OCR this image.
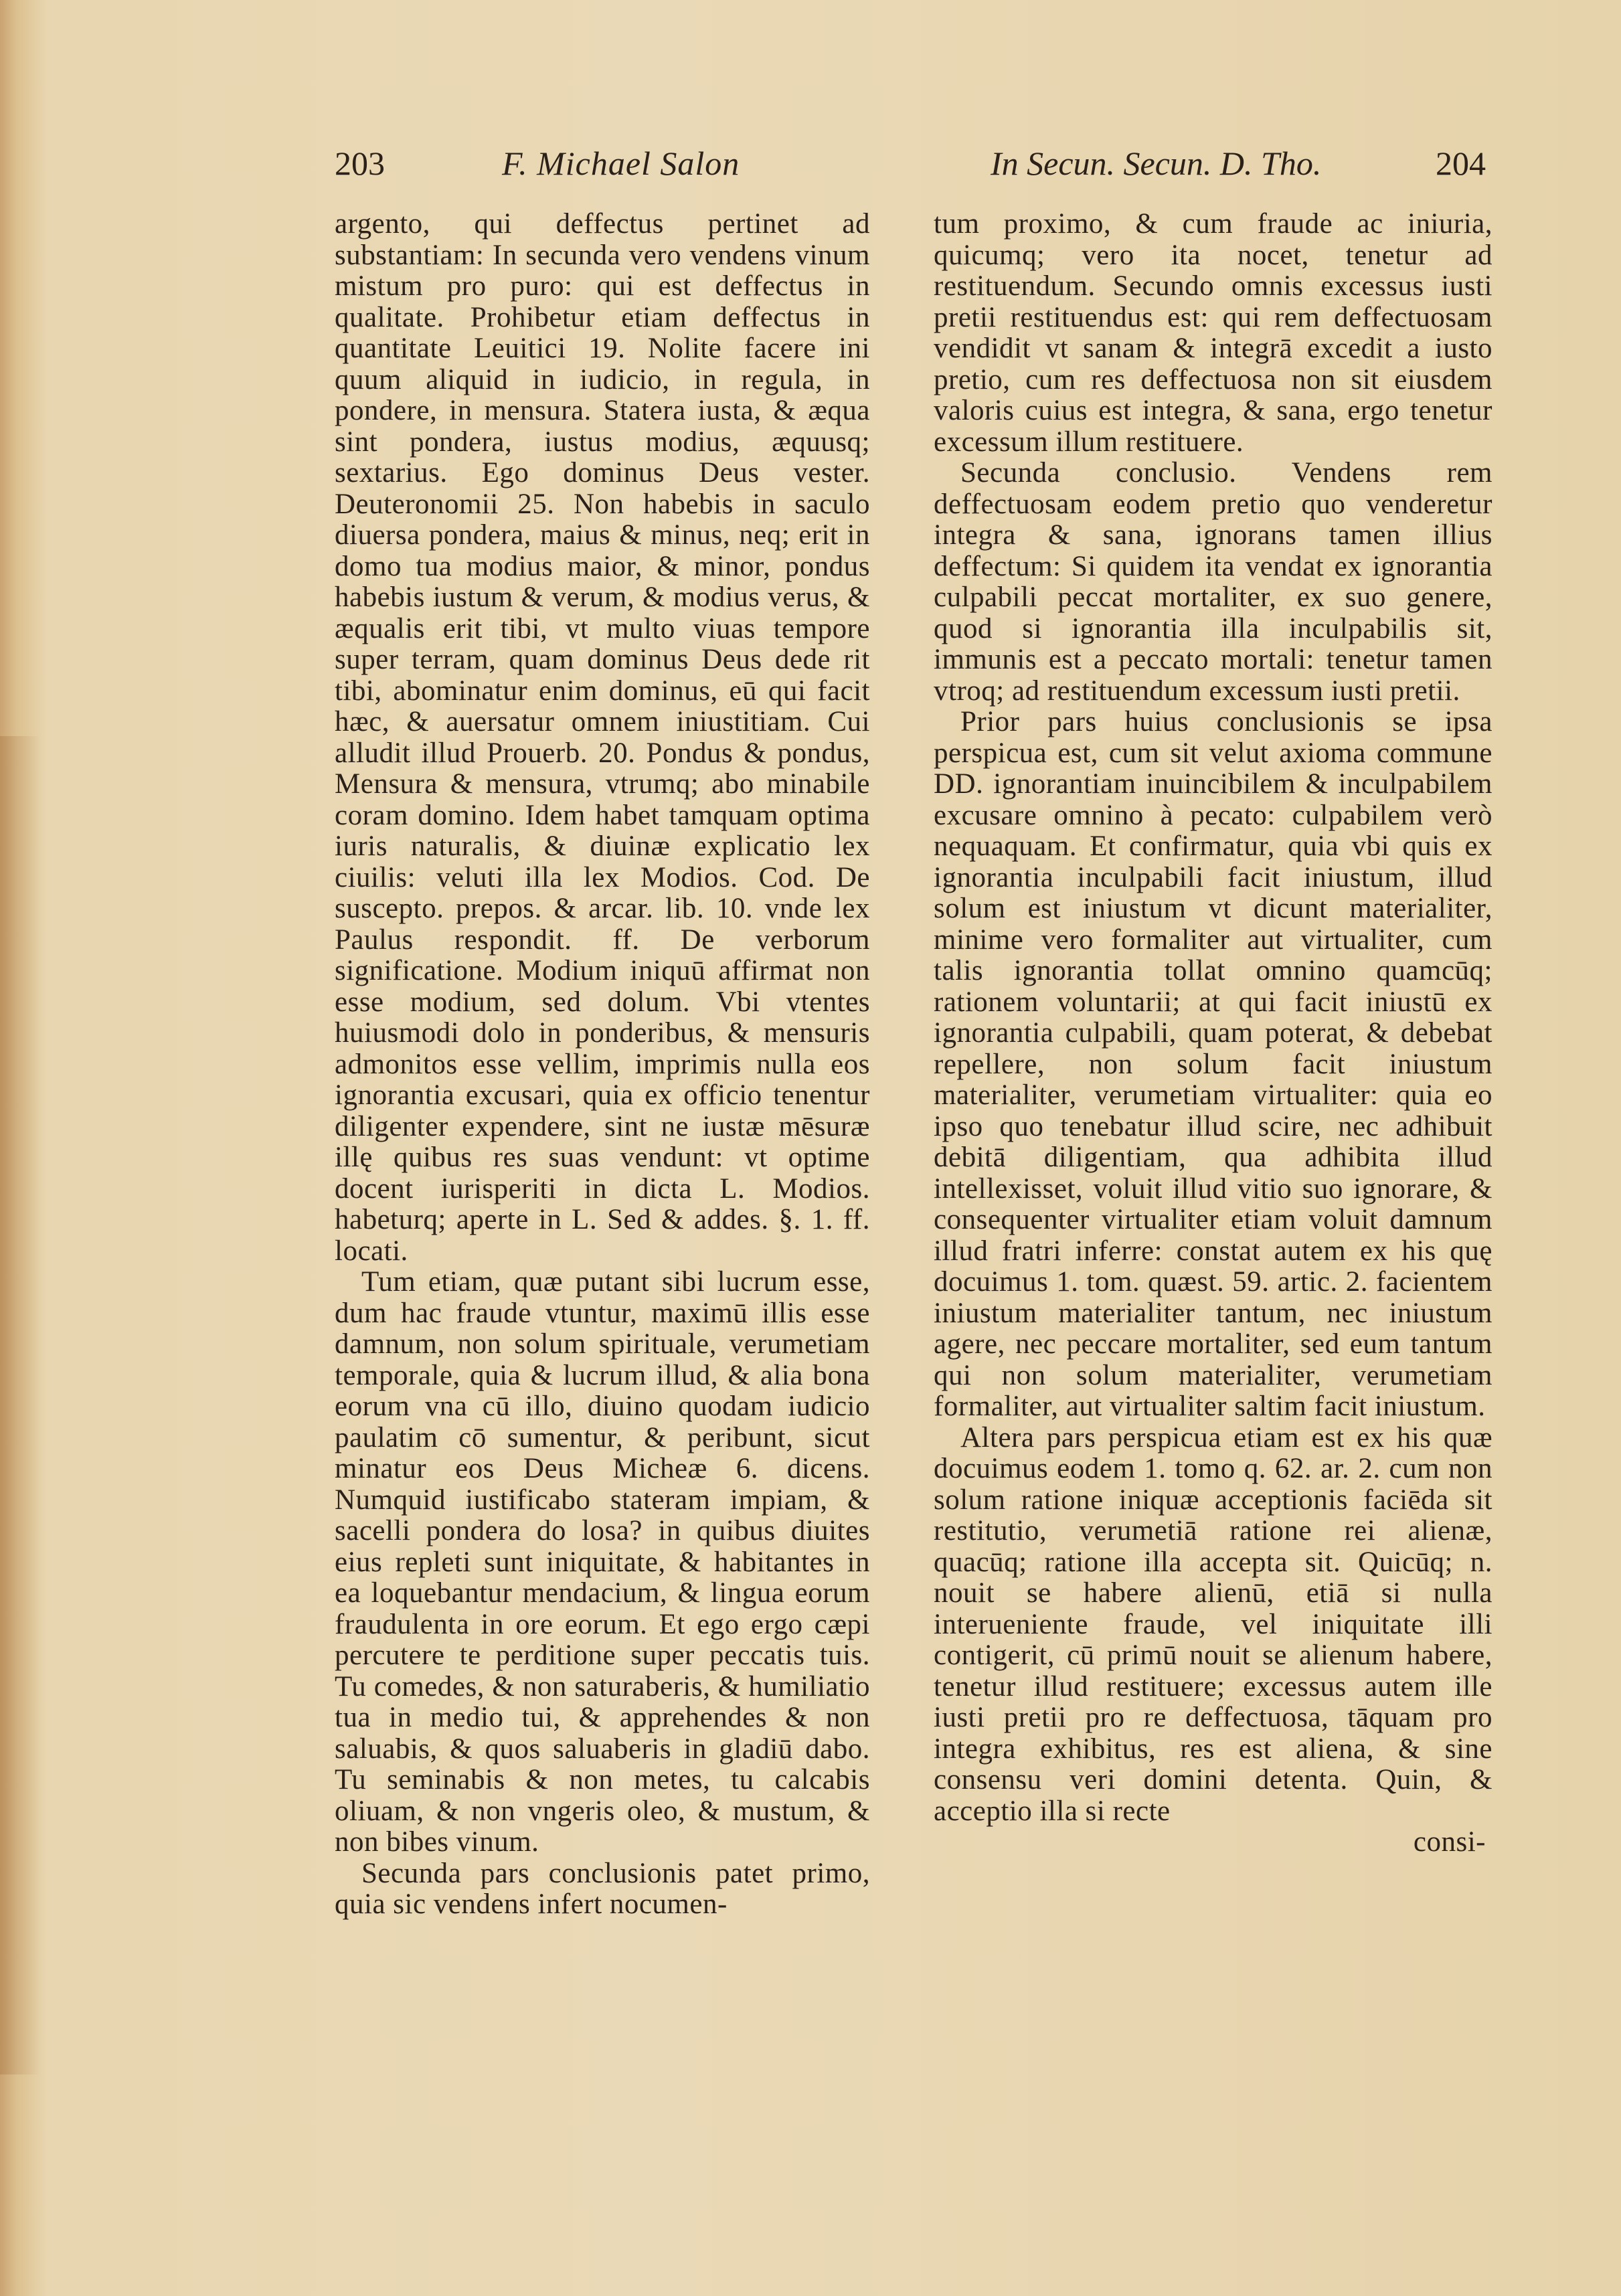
203	F. Michael Salon	In Secun. Secun. D. Tho.	204

argento, qui deffectus pertinet ad substantiam: In secunda vero vendens vinum mistum pro puro: qui est deffectus in qualitate. Prohibetur etiam deffectus in quantitate Leuitici 19. Nolite facere ini quum aliquid in iudicio, in regula, in pondere, in mensura. Statera iusta, & æqua sint pondera, iustus modius, æquusq; sextarius. Ego dominus Deus vester. Deuteronomii 25. Non habebis in saculo diuersa pondera, maius & minus, neq; erit in domo tua modius maior, & minor, pondus habebis iustum & verum, & modius verus, & æqualis erit tibi, vt multo viuas tempore super terram, quam dominus Deus dede rit tibi, abominatur enim dominus, eū qui facit hæc, & auersatur omnem iniustitiam. Cui alludit illud Prouerb. 20. Pondus & pondus, Mensura & mensura, vtrumq; abo minabile coram domino. Idem habet tamquam optima iuris naturalis, & diuinæ explicatio lex ciuilis: veluti illa lex Modios. Cod. De susceptо. prepos. & arcar. lib. 10. vnde lex Paulus respondit. ff. De verborum significatione. Modium iniquū affirmat non esse modium, sed dolum. Vbi vtentes huiusmodi dolo in ponderibus, & mensuris admonitos esse vellim, imprimis nulla eos ignorantia excusari, quia ex officio tenentur diligenter expendere, sint ne iustæ mēsuræ illę quibus res suas vendunt: vt optime docent iurisperiti in dicta L. Modios. habeturq; aperte in L. Sed & addes. §. 1. ff. locati.

Tum etiam, quæ putant sibi lucrum esse, dum hac fraude vtuntur, maximū illis esse damnum, non solum spirituale, verumetiam temporale, quia & lucrum illud, & alia bona eorum vna cū illo, diuino quodam iudicio paulatim cō sumentur, & peribunt, sicut minatur eos Deus Micheæ 6. dicens. Numquid iustificabo stateram impiam, & sacelli pondera do losa? in quibus diuites eius repleti sunt iniquitate, & habitantes in ea loquebantur mendacium, & lingua eorum fraudulenta in ore eorum. Et ego ergo cæpi percutere te perditione super peccatis tuis. Tu comedes, & non saturaberis, & humiliatio tua in medio tui, & apprehendes & non saluabis, & quos saluaberis in gladiū dabo. Tu seminabis & non metes, tu calcabis oliuam, & non vngeris oleo, & mustum, & non bibes vinum.

Secunda pars conclusionis patet primo, quia sic vendens infert nocumen-

tum proximo, & cum fraude ac iniuria, quicumq; vero ita nocet, tenetur ad restituendum. Secundo omnis excessus iusti pretii restituendus est: qui rem deffectuosam vendidit vt sanam & integrā excedit a iusto pretio, cum res deffectuosa non sit eiusdem valoris cuius est integra, & sana, ergo tenetur excessum illum restituere.

Secunda conclusio. Vendens rem deffectuosam eodem pretio quo venderetur integra & sana, ignorans tamen illius deffectum: Si quidem ita vendat ex ignorantia culpabili peccat mortaliter, ex suo genere, quod si ignorantia illa inculpabilis sit, immunis est a peccato mortali: tenetur tamen vtroq; ad restituendum excessum iusti pretii.

Prior pars huius conclusionis se ipsa perspicua est, cum sit velut axioma commune DD. ignorantiam inuincibilem & inculpabilem excusare omnino à pecato: culpabilem verò nequaquam. Et confirmatur, quia vbi quis ex ignorantia inculpabili facit iniustum, illud solum est iniustum vt dicunt materialiter, minime vero formaliter aut virtualiter, cum talis ignorantia tollat omnino quamcūq; rationem voluntarii; at qui facit iniustū ex ignorantia culpabili, quam poterat, & debebat repellere, non solum facit iniustum materialiter, verumetiam virtualiter: quia eo ipso quo tenebatur illud scire, nec adhibuit debitā diligentiam, qua adhibita illud intellexisset, voluit illud vitio suo ignorare, & consequenter virtualiter etiam voluit damnum illud fratri inferre: constat autem ex his quę docuimus 1. tom. quæst. 59. artic. 2. facientem iniustum materialiter tantum, nec iniustum agere, nec peccare mortaliter, sed eum tantum qui non solum materialiter, verumetiam formaliter, aut virtualiter saltim facit iniustum.

Altera pars perspicua etiam est ex his quæ docuimus eodem 1. tomo q. 62. ar. 2. cum non solum ratione iniquæ acceptionis faciēda sit restitutio, verumetiā ratione rei alienæ, quacūq; ratione illa accepta sit. Quicūq; n. nouit se habere alienū, etiā si nulla interueniente fraude, vel iniquitate illi contigerit, cū primū nouit se alienum habere, tenetur illud restituere; excessus autem ille iusti pretii pro re deffectuosa, tāquam pro integra exhibitus, res est aliena, & sine consensu veri domini detenta. Quin, & acceptio illa si recte

consi-
